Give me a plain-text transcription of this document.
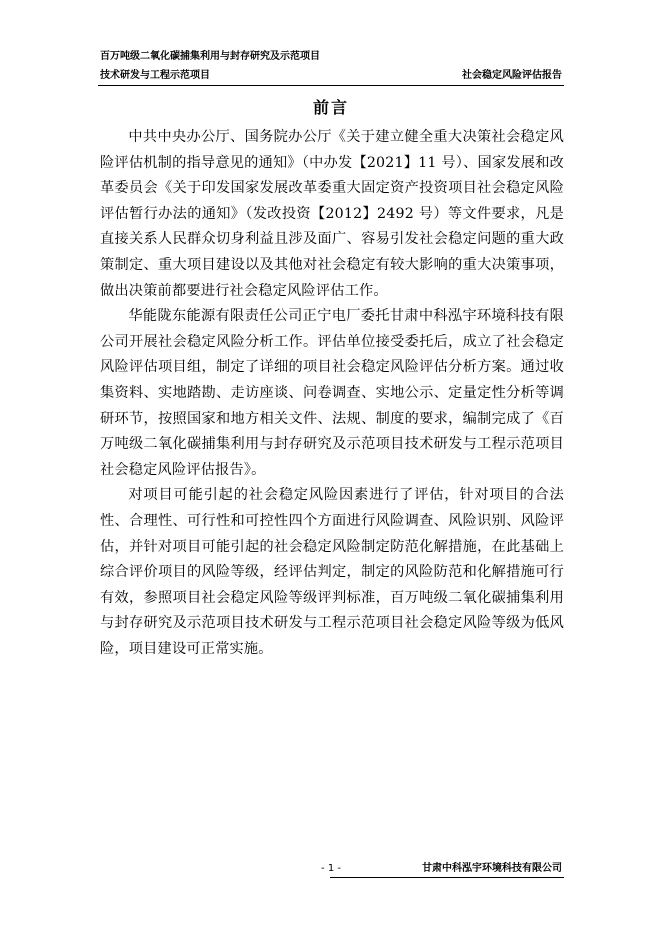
百万吨级二氧化碳捕集利用与封存研究及示范项目
技术研发与工程示范项目	社会稳定风险评估报告
前言

中共中央办公厅、国务院办公厅《关于建立健全重大决策社会稳定风险评估机制的指导意见的通知》（中办发【2021】11 号）、国家发展和改革委员会《关于印发国家发展改革委重大固定资产投资项目社会稳定风险评估暂行办法的通知》（发改投资【2012】2492 号）等文件要求，凡是直接关系人民群众切身利益且涉及面广、容易引发社会稳定问题的重大政策制定、重大项目建设以及其他对社会稳定有较大影响的重大决策事项，做出决策前都要进行社会稳定风险评估工作。

华能陇东能源有限责任公司正宁电厂委托甘肃中科泓宇环境科技有限公司开展社会稳定风险分析工作。评估单位接受委托后，成立了社会稳定风险评估项目组，制定了详细的项目社会稳定风险评估分析方案。通过收集资料、实地踏勘、走访座谈、问卷调查、实地公示、定量定性分析等调研环节，按照国家和地方相关文件、法规、制度的要求，编制完成了《百万吨级二氧化碳捕集利用与封存研究及示范项目技术研发与工程示范项目社会稳定风险评估报告》。

对项目可能引起的社会稳定风险因素进行了评估，针对项目的合法性、合理性、可行性和可控性四个方面进行风险调查、风险识别、风险评估，并针对项目可能引起的社会稳定风险制定防范化解措施，在此基础上综合评价项目的风险等级，经评估判定，制定的风险防范和化解措施可行有效，参照项目社会稳定风险等级评判标准，百万吨级二氧化碳捕集利用与封存研究及示范项目技术研发与工程示范项目社会稳定风险等级为低风险，项目建设可正常实施。

- 1 -	甘肃中科泓宇环境科技有限公司
